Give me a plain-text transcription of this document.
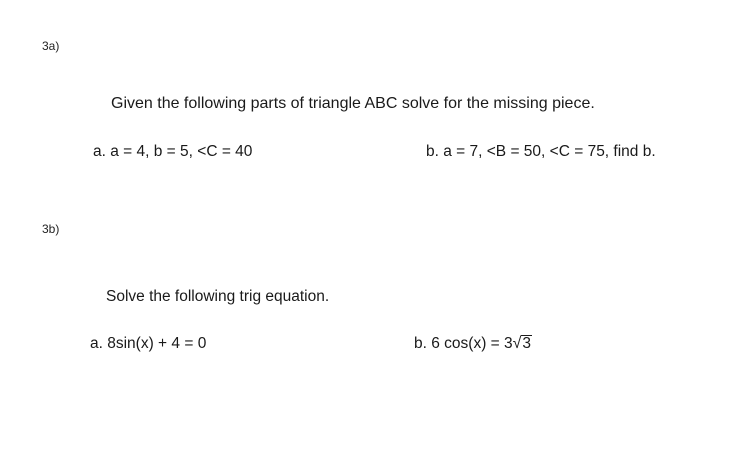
3a)
Given the following parts of triangle ABC solve for the missing piece.
a. a = 4, b = 5, <C = 40	b. a = 7, <B = 50, <C = 75, find b.
3b)
Solve the following trig equation.
a. 8sin(x) + 4 = 0	b. 6 cos(x) = 3√3
